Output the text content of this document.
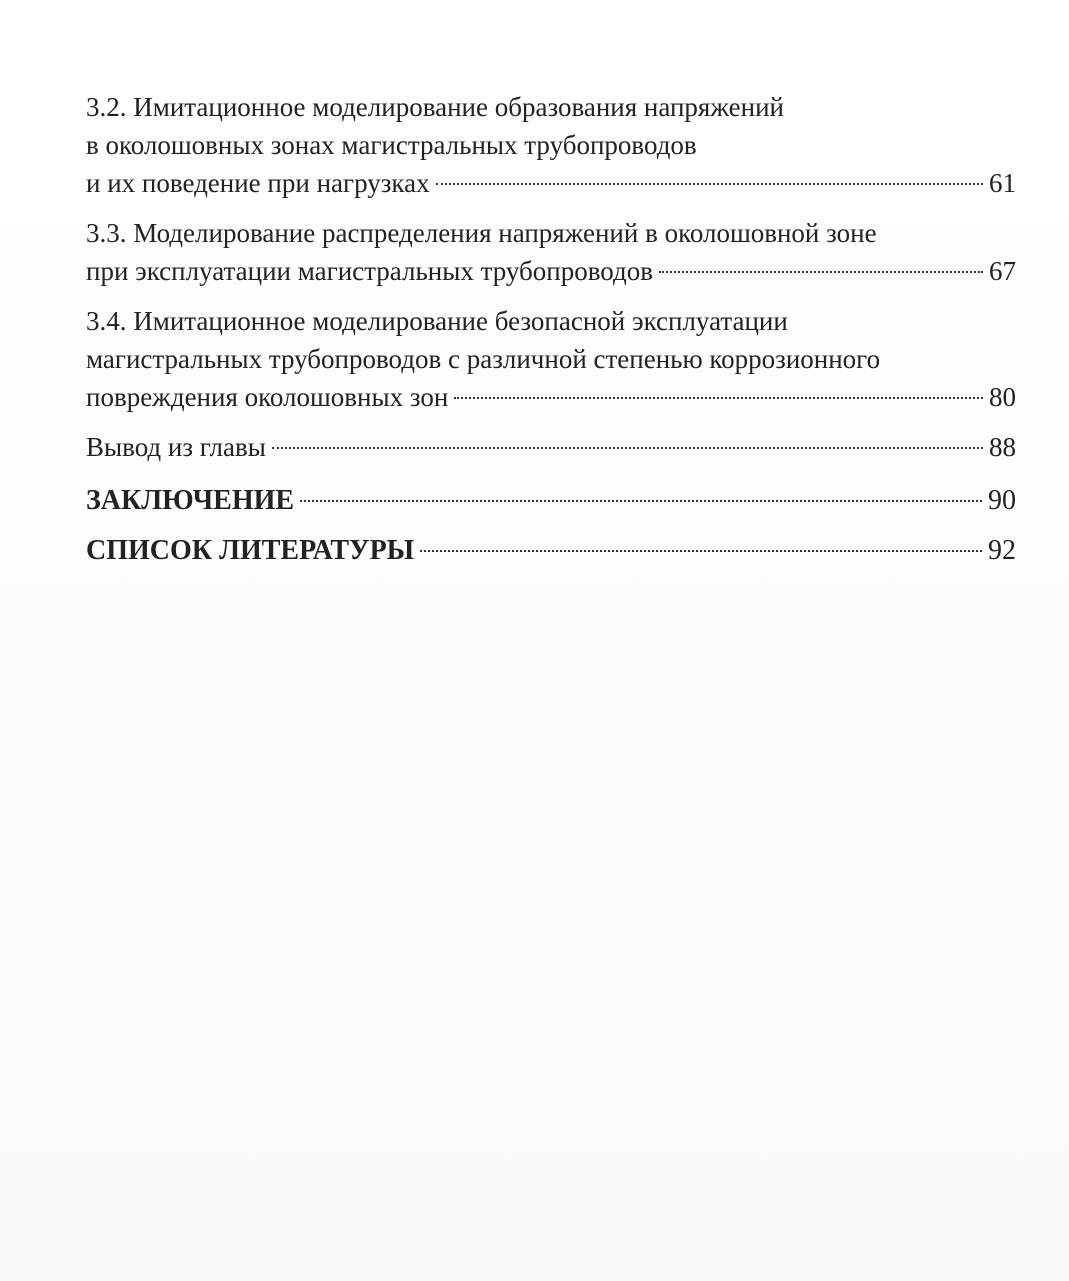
3.2. Имитационное моделирование образования напряжений
в околошовных зонах магистральных трубопроводов
и их поведение при нагрузках	61
3.3. Моделирование распределения напряжений в околошовной зоне
при эксплуатации магистральных трубопроводов	67
3.4. Имитационное моделирование безопасной эксплуатации
магистральных трубопроводов с различной степенью коррозионного
повреждения околошовных зон	80
Вывод из главы	88
ЗАКЛЮЧЕНИЕ	90
СПИСОК ЛИТЕРАТУРЫ	92
